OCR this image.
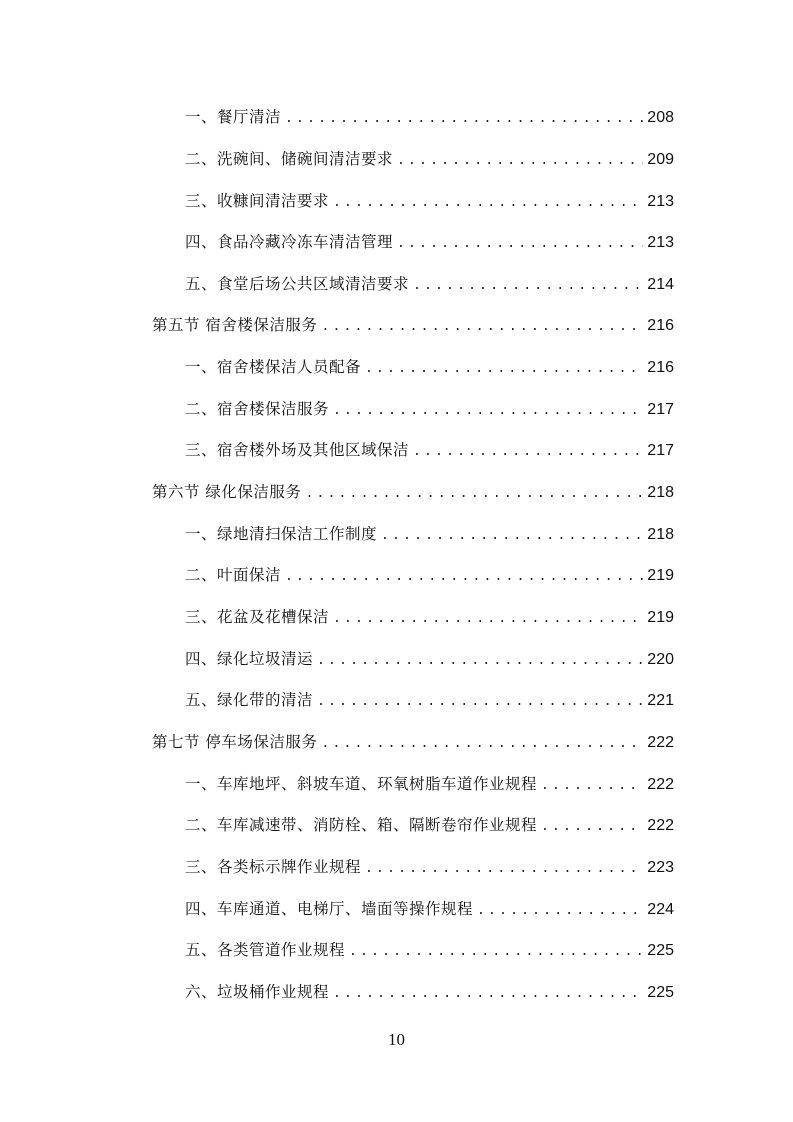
一、餐厅清洁 .....	208
二、洗碗间、储碗间清洁要求 .....	209
三、收糠间清洁要求 .....	213
四、食品冷藏冷冻车清洁管理 .....	213
五、食堂后场公共区域清洁要求 .....	214
第五节 宿舍楼保洁服务 .....	216
一、宿舍楼保洁人员配备 .....	216
二、宿舍楼保洁服务 .....	217
三、宿舍楼外场及其他区域保洁 .....	217
第六节 绿化保洁服务 .....	218
一、绿地清扫保洁工作制度 .....	218
二、叶面保洁 .....	219
三、花盆及花槽保洁 .....	219
四、绿化垃圾清运 .....	220
五、绿化带的清洁 .....	221
第七节 停车场保洁服务 .....	222
一、车库地坪、斜坡车道、环氧树脂车道作业规程 .....	222
二、车库减速带、消防栓、箱、隔断卷帘作业规程 .....	222
三、各类标示牌作业规程 .....	223
四、车库通道、电梯厅、墙面等操作规程 .....	224
五、各类管道作业规程 .....	225
六、垃圾桶作业规程 .....	225
10
